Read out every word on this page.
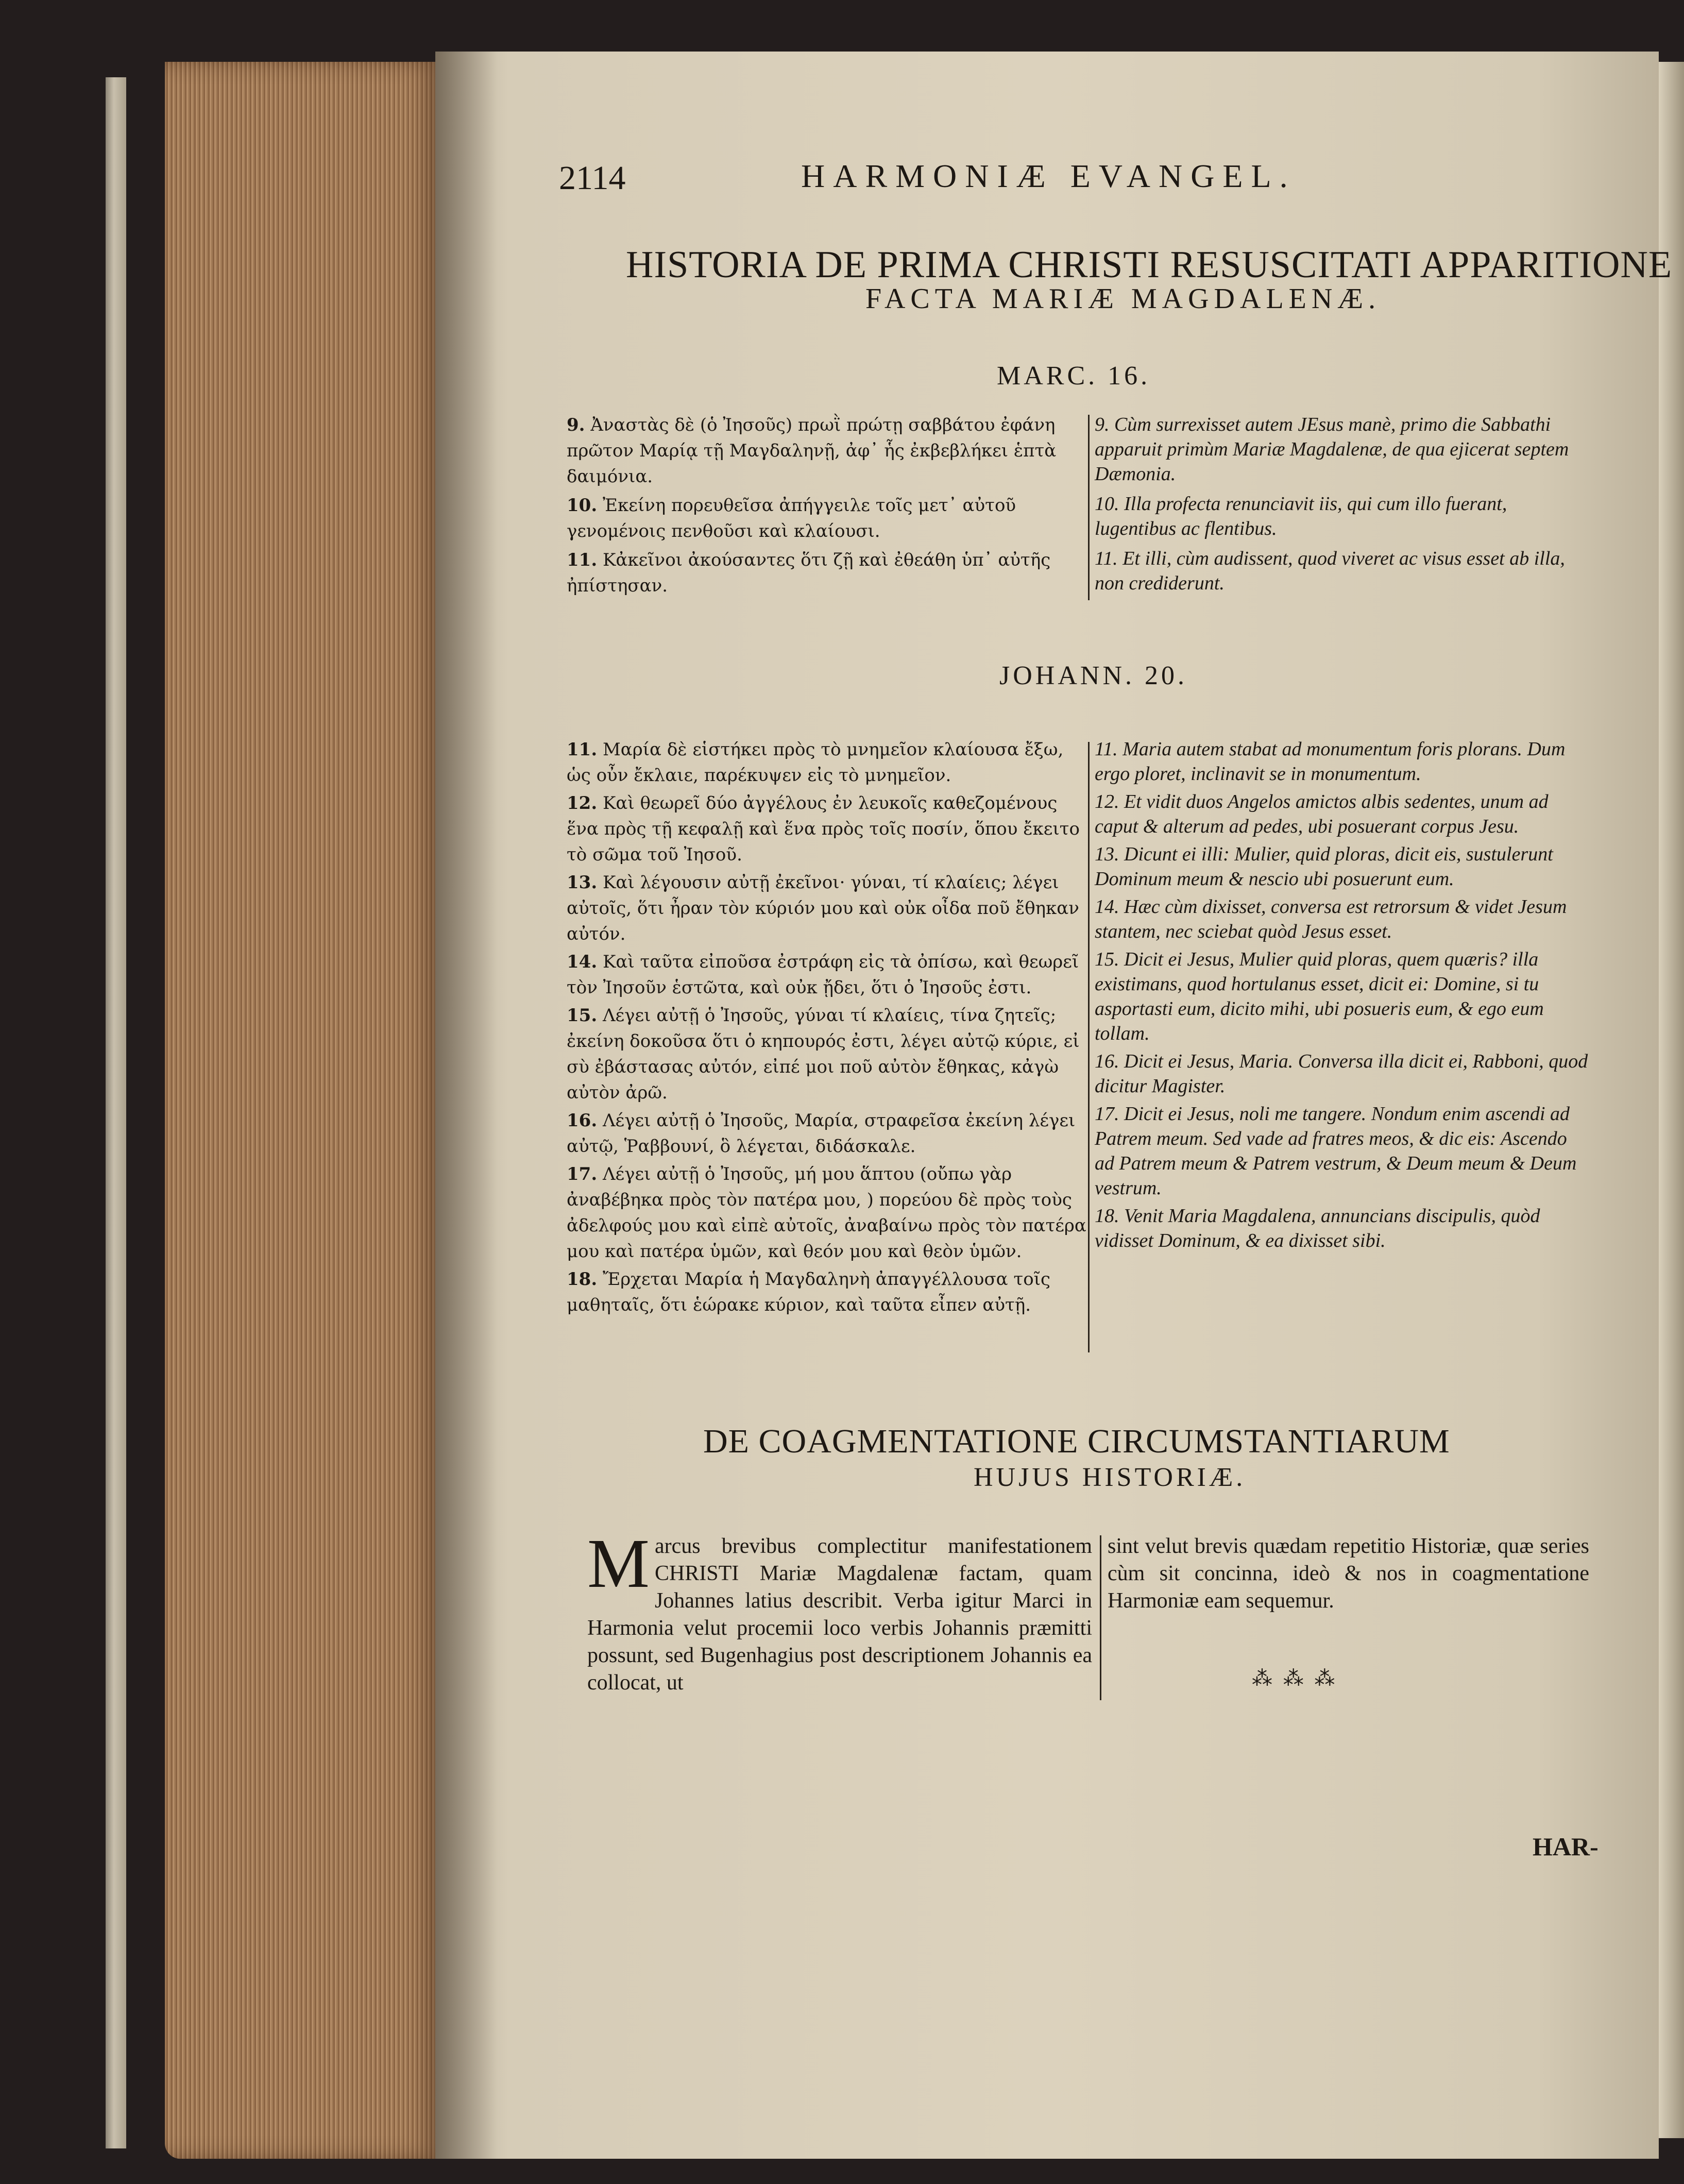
2114	HARMONIÆ EVANGEL.
HISTORIA DE PRIMA CHRISTI RESUSCITATI APPARITIONE
FACTA MARIÆ MAGDALENÆ.
MARC. 16.
9. Ἀναστὰς δὲ (ὁ Ἰησοῦς) πρωῒ πρώτῃ σαββάτου ἐφάνη πρῶτον Μαρίᾳ τῇ Μαγδαληνῇ, ἀφ᾽ ἧς ἐκβεβλήκει ἑπτὰ δαιμόνια.
10. Ἐκείνη πορευθεῖσα ἀπήγγειλε τοῖς μετ᾽ αὐτοῦ γενομένοις πενθοῦσι καὶ κλαίουσι.
11. Κἀκεῖνοι ἀκούσαντες ὅτι ζῇ καὶ ἐθεάθη ὑπ᾽ αὐτῆς ἠπίστησαν.
9. Cùm surrexisset autem JEsus manè, primo die Sabbathi apparuit primùm Mariæ Magdalenæ, de qua ejicerat septem Dæmonia.
10. Illa profecta renunciavit iis, qui cum illo fuerant, lugentibus ac flentibus.
11. Et illi, cùm audissent, quod viveret ac visus esset ab illa, non crediderunt.
JOHANN. 20.
11. Μαρία δὲ εἱστήκει πρὸς τὸ μνημεῖον κλαίουσα ἔξω, ὡς οὖν ἔκλαιε, παρέκυψεν εἰς τὸ μνημεῖον.
12. Καὶ θεωρεῖ δύο ἀγγέλους ἐν λευκοῖς καθεζομένους ἕνα πρὸς τῇ κεφαλῇ καὶ ἕνα πρὸς τοῖς ποσίν, ὅπου ἔκειτο τὸ σῶμα τοῦ Ἰησοῦ.
13. Καὶ λέγουσιν αὐτῇ ἐκεῖνοι· γύναι, τί κλαίεις; λέγει αὐτοῖς, ὅτι ἦραν τὸν κύριόν μου καὶ οὐκ οἶδα ποῦ ἔθηκαν αὐτόν.
14. Καὶ ταῦτα εἰποῦσα ἐστράφη εἰς τὰ ὀπίσω, καὶ θεωρεῖ τὸν Ἰησοῦν ἑστῶτα, καὶ οὐκ ᾔδει, ὅτι ὁ Ἰησοῦς ἐστι.
15. Λέγει αὐτῇ ὁ Ἰησοῦς, γύναι τί κλαίεις, τίνα ζητεῖς; ἐκείνη δοκοῦσα ὅτι ὁ κηπουρός ἐστι, λέγει αὐτῷ κύριε, εἰ σὺ ἐβάστασας αὐτόν, εἰπέ μοι ποῦ αὐτὸν ἔθηκας, κἀγὼ αὐτὸν ἀρῶ.
16. Λέγει αὐτῇ ὁ Ἰησοῦς, Μαρία, στραφεῖσα ἐκείνη λέγει αὐτῷ, Ῥαββουνί, ὃ λέγεται, διδάσκαλε.
17. Λέγει αὐτῇ ὁ Ἰησοῦς, μή μου ἅπτου (οὔπω γὰρ ἀναβέβηκα πρὸς τὸν πατέρα μου, ) πορεύου δὲ πρὸς τοὺς ἀδελφούς μου καὶ εἰπὲ αὐτοῖς, ἀναβαίνω πρὸς τὸν πατέρα μου καὶ πατέρα ὑμῶν, καὶ θεόν μου καὶ θεὸν ὑμῶν.
18. Ἔρχεται Μαρία ἡ Μαγδαληνὴ ἀπαγγέλλουσα τοῖς μαθηταῖς, ὅτι ἑώρακε κύριον, καὶ ταῦτα εἶπεν αὐτῇ.
11. Maria autem stabat ad monumentum foris plorans. Dum ergo ploret, inclinavit se in monumentum.
12. Et vidit duos Angelos amictos albis sedentes, unum ad caput & alterum ad pedes, ubi posuerant corpus Jesu.
13. Dicunt ei illi: Mulier, quid ploras, dicit eis, sustulerunt Dominum meum & nescio ubi posuerunt eum.
14. Hæc cùm dixisset, conversa est retrorsum & videt Jesum stantem, nec sciebat quòd Jesus esset.
15. Dicit ei Jesus, Mulier quid ploras, quem quæris? illa existimans, quod hortulanus esset, dicit ei: Domine, si tu asportasti eum, dicito mihi, ubi posueris eum, & ego eum tollam.
16. Dicit ei Jesus, Maria. Conversa illa dicit ei, Rabboni, quod dicitur Magister.
17. Dicit ei Jesus, noli me tangere. Nondum enim ascendi ad Patrem meum. Sed vade ad fratres meos, & dic eis: Ascendo ad Patrem meum & Patrem vestrum, & Deum meum & Deum vestrum.
18. Venit Maria Magdalena, annuncians discipulis, quòd vidisset Dominum, & ea dixisset sibi.
DE COAGMENTATIONE CIRCUMSTANTIARUM
HUJUS HISTORIÆ.
Marcus brevibus complectitur manifestationem CHRISTI Mariæ Magdalenæ factam, quam Johannes latius describit. Verba igitur Marci in Harmonia velut procemii loco verbis Johannis præmitti possunt, sed Bugenhagius post descriptionem Johannis ea collocat, ut
sint velut brevis quædam repetitio Historiæ, quæ series cùm sit concinna, ideò & nos in coagmentatione Harmoniæ eam sequemur.
⁂ ⁂ ⁂
HAR-
